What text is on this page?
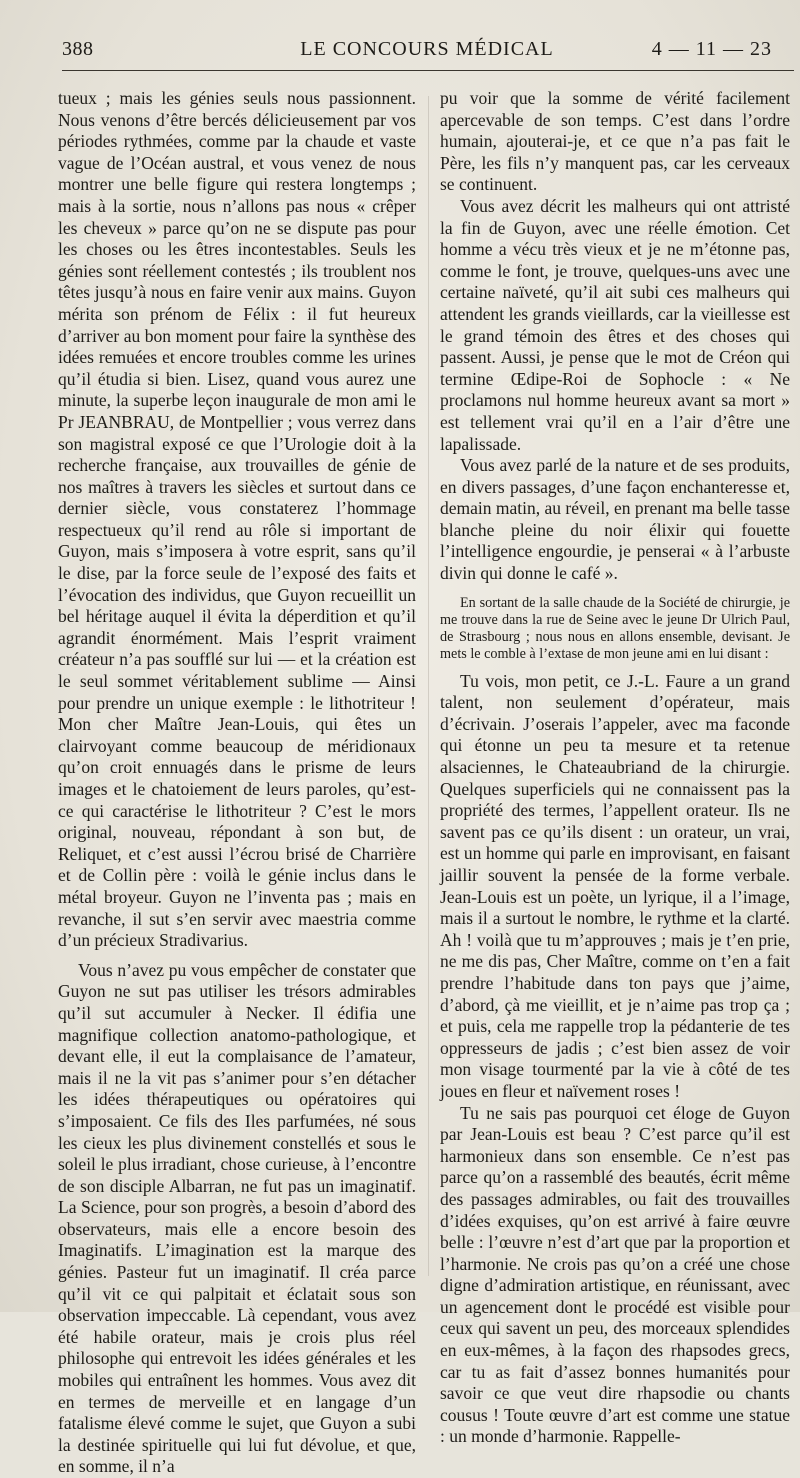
388	LE CONCOURS MÉDICAL	4 — 11 — 23

tueux ; mais les génies seuls nous passionnent. Nous venons d’être bercés délicieusement par vos périodes rythmées, comme par la chaude et vaste vague de l’Océan austral, et vous venez de nous montrer une belle figure qui restera longtemps ; mais à la sortie, nous n’allons pas nous « crêper les cheveux » parce qu’on ne se dispute pas pour les choses ou les êtres incontestables. Seuls les génies sont réellement contestés ; ils troublent nos têtes jusqu’à nous en faire venir aux mains. Guyon mérita son prénom de Félix : il fut heureux d’arriver au bon moment pour faire la synthèse des idées remuées et encore troubles comme les urines qu’il étudia si bien. Lisez, quand vous aurez une minute, la superbe leçon inaugurale de mon ami le Pr JEANBRAU, de Montpellier ; vous verrez dans son magistral exposé ce que l’Urologie doit à la recherche française, aux trouvailles de génie de nos maîtres à travers les siècles et surtout dans ce dernier siècle, vous constaterez l’hommage respectueux qu’il rend au rôle si important de Guyon, mais s’imposera à votre esprit, sans qu’il le dise, par la force seule de l’exposé des faits et l’évocation des individus, que Guyon recueillit un bel héritage auquel il évita la déperdition et qu’il agrandit énormément. Mais l’esprit vraiment créateur n’a pas soufflé sur lui — et la création est le seul sommet véritablement sublime — Ainsi pour prendre un unique exemple : le lithotriteur ! Mon cher Maître Jean-Louis, qui êtes un clairvoyant comme beaucoup de méridionaux qu’on croit ennuagés dans le prisme de leurs images et le chatoiement de leurs paroles, qu’est-ce qui caractérise le lithotriteur ? C’est le mors original, nouveau, répondant à son but, de Reliquet, et c’est aussi l’écrou brisé de Charrière et de Collin père : voilà le génie inclus dans le métal broyeur. Guyon ne l’inventa pas ; mais en revanche, il sut s’en servir avec maestria comme d’un précieux Stradivarius.

Vous n’avez pu vous empêcher de constater que Guyon ne sut pas utiliser les trésors admirables qu’il sut accumuler à Necker. Il édifia une magnifique collection anatomo-pathologique, et devant elle, il eut la complaisance de l’amateur, mais il ne la vit pas s’animer pour s’en détacher les idées thérapeutiques ou opératoires qui s’imposaient. Ce fils des Iles parfumées, né sous les cieux les plus divinement constellés et sous le soleil le plus irradiant, chose curieuse, à l’encontre de son disciple Albarran, ne fut pas un imaginatif. La Science, pour son progrès, a besoin d’abord des observateurs, mais elle a encore besoin des Imaginatifs. L’imagination est la marque des génies. Pasteur fut un imaginatif. Il créa parce qu’il vit ce qui palpitait et éclatait sous son observation impeccable. Là cependant, vous avez été habile orateur, mais je crois plus réel philosophe qui entrevoit les idées générales et les mobiles qui entraînent les hommes. Vous avez dit en termes de merveille et en langage d’un fatalisme élevé comme le sujet, que Guyon a subi la destinée spirituelle qui lui fut dévolue, et que, en somme, il n’a

pu voir que la somme de vérité facilement apercevable de son temps. C’est dans l’ordre humain, ajouterai-je, et ce que n’a pas fait le Père, les fils n’y manquent pas, car les cerveaux se continuent.

Vous avez décrit les malheurs qui ont attristé la fin de Guyon, avec une réelle émotion. Cet homme a vécu très vieux et je ne m’étonne pas, comme le font, je trouve, quelques-uns avec une certaine naïveté, qu’il ait subi ces malheurs qui attendent les grands vieillards, car la vieillesse est le grand témoin des êtres et des choses qui passent. Aussi, je pense que le mot de Créon qui termine Œdipe-Roi de Sophocle : « Ne proclamons nul homme heureux avant sa mort » est tellement vrai qu’il en a l’air d’être une lapalissade.

Vous avez parlé de la nature et de ses produits, en divers passages, d’une façon enchanteresse et, demain matin, au réveil, en prenant ma belle tasse blanche pleine du noir élixir qui fouette l’intelligence engourdie, je penserai « à l’arbuste divin qui donne le café ».

En sortant de la salle chaude de la Société de chirurgie, je me trouve dans la rue de Seine avec le jeune Dr Ulrich Paul, de Strasbourg ; nous nous en allons ensemble, devisant. Je mets le comble à l’extase de mon jeune ami en lui disant :

Tu vois, mon petit, ce J.-L. Faure a un grand talent, non seulement d’opérateur, mais d’écrivain. J’oserais l’appeler, avec ma faconde qui étonne un peu ta mesure et ta retenue alsaciennes, le Chateaubriand de la chirurgie. Quelques superficiels qui ne connaissent pas la propriété des termes, l’appellent orateur. Ils ne savent pas ce qu’ils disent : un orateur, un vrai, est un homme qui parle en improvisant, en faisant jaillir souvent la pensée de la forme verbale. Jean-Louis est un poète, un lyrique, il a l’image, mais il a surtout le nombre, le rythme et la clarté. Ah ! voilà que tu m’approuves ; mais je t’en prie, ne me dis pas, Cher Maître, comme on t’en a fait prendre l’habitude dans ton pays que j’aime, d’abord, çà me vieillit, et je n’aime pas trop ça ; et puis, cela me rappelle trop la pédanterie de tes oppresseurs de jadis ; c’est bien assez de voir mon visage tourmenté par la vie à côté de tes joues en fleur et naïvement roses !

Tu ne sais pas pourquoi cet éloge de Guyon par Jean-Louis est beau ? C’est parce qu’il est harmonieux dans son ensemble. Ce n’est pas parce qu’on a rassemblé des beautés, écrit même des passages admirables, ou fait des trouvailles d’idées exquises, qu’on est arrivé à faire œuvre belle : l’œuvre n’est d’art que par la proportion et l’harmonie. Ne crois pas qu’on a créé une chose digne d’admiration artistique, en réunissant, avec un agencement dont le procédé est visible pour ceux qui savent un peu, des morceaux splendides en eux-mêmes, à la façon des rhapsodes grecs, car tu as fait d’assez bonnes humanités pour savoir ce que veut dire rhapsodie ou chants cousus ! Toute œuvre d’art est comme une statue : un monde d’harmonie. Rappelle-
